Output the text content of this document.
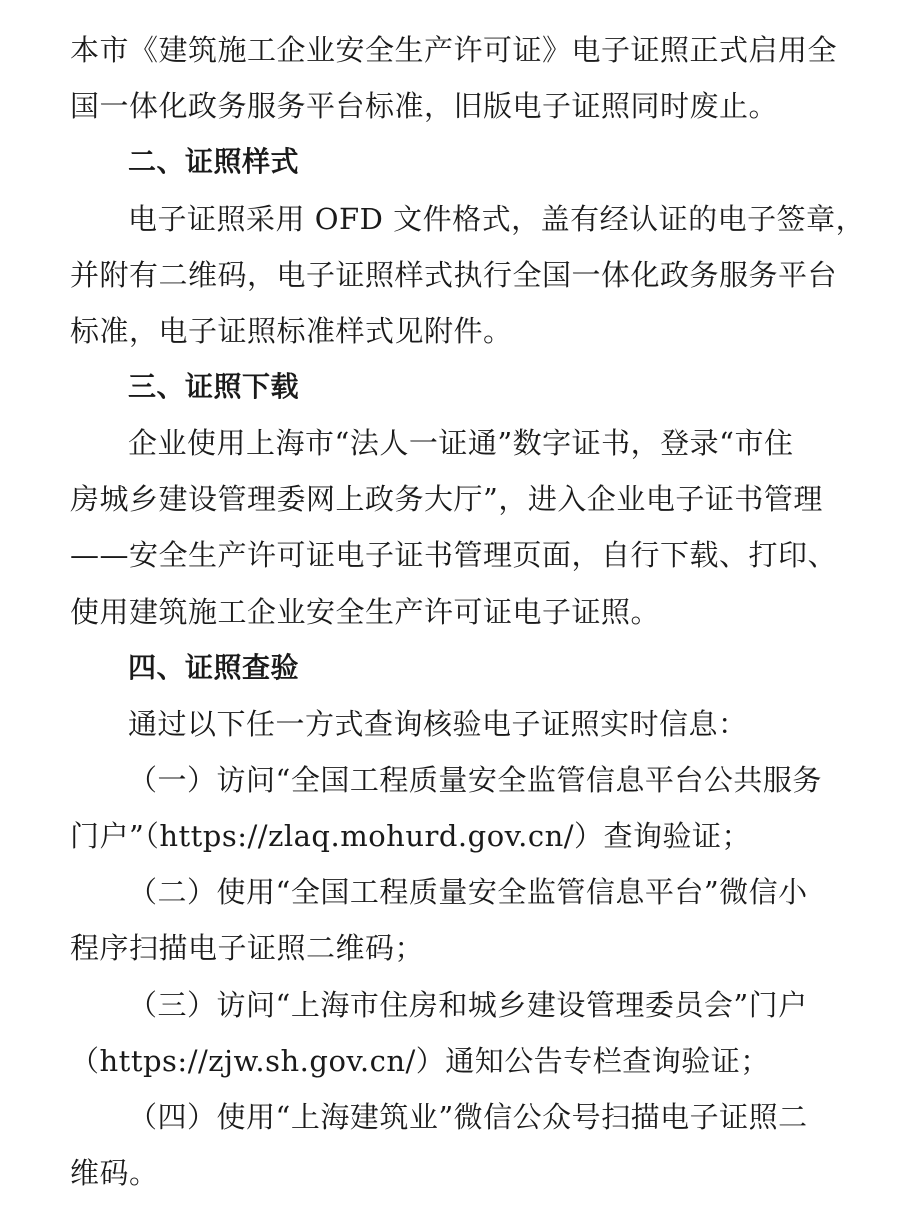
本市《建筑施工企业安全生产许可证》电子证照正式启用全
国一体化政务服务平台标准，旧版电子证照同时废止。
二、证照样式
电子证照采用 OFD 文件格式，盖有经认证的电子签章，
并附有二维码，电子证照样式执行全国一体化政务服务平台
标准，电子证照标准样式见附件。
三、证照下载
企业使用上海市“法人一证通”数字证书，登录“市住
房城乡建设管理委网上政务大厅”，进入企业电子证书管理
——安全生产许可证电子证书管理页面，自行下载、打印、
使用建筑施工企业安全生产许可证电子证照。
四、证照查验
通过以下任一方式查询核验电子证照实时信息：
（一）访问“全国工程质量安全监管信息平台公共服务
门户”（https://zlaq.mohurd.gov.cn/）查询验证；
（二）使用“全国工程质量安全监管信息平台”微信小
程序扫描电子证照二维码；
（三）访问“上海市住房和城乡建设管理委员会”门户
（https://zjw.sh.gov.cn/）通知公告专栏查询验证；
（四）使用“上海建筑业”微信公众号扫描电子证照二
维码。
